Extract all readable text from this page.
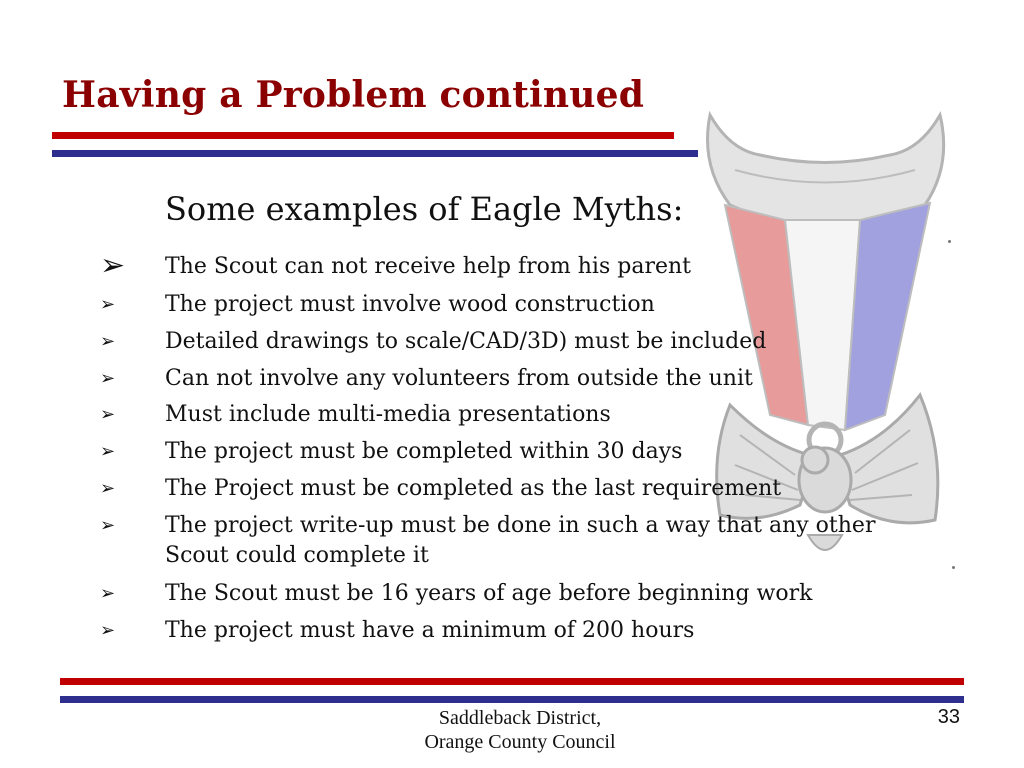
Having a Problem continued
Some examples of Eagle Myths:
➢ The Scout can not receive help from his parent
➢ The project must involve wood construction
➢ Detailed drawings to scale/CAD/3D) must be included
➢ Can not involve any volunteers from outside the unit
➢ Must include multi-media presentations
➢ The project must be completed within 30 days
➢ The Project must be completed as the last requirement
➢ The project write-up must be done in such a way that any other Scout could complete it
➢ The Scout must be 16 years of age before beginning work
➢ The project must have a minimum of 200 hours
Saddleback District,
Orange County Council
33
